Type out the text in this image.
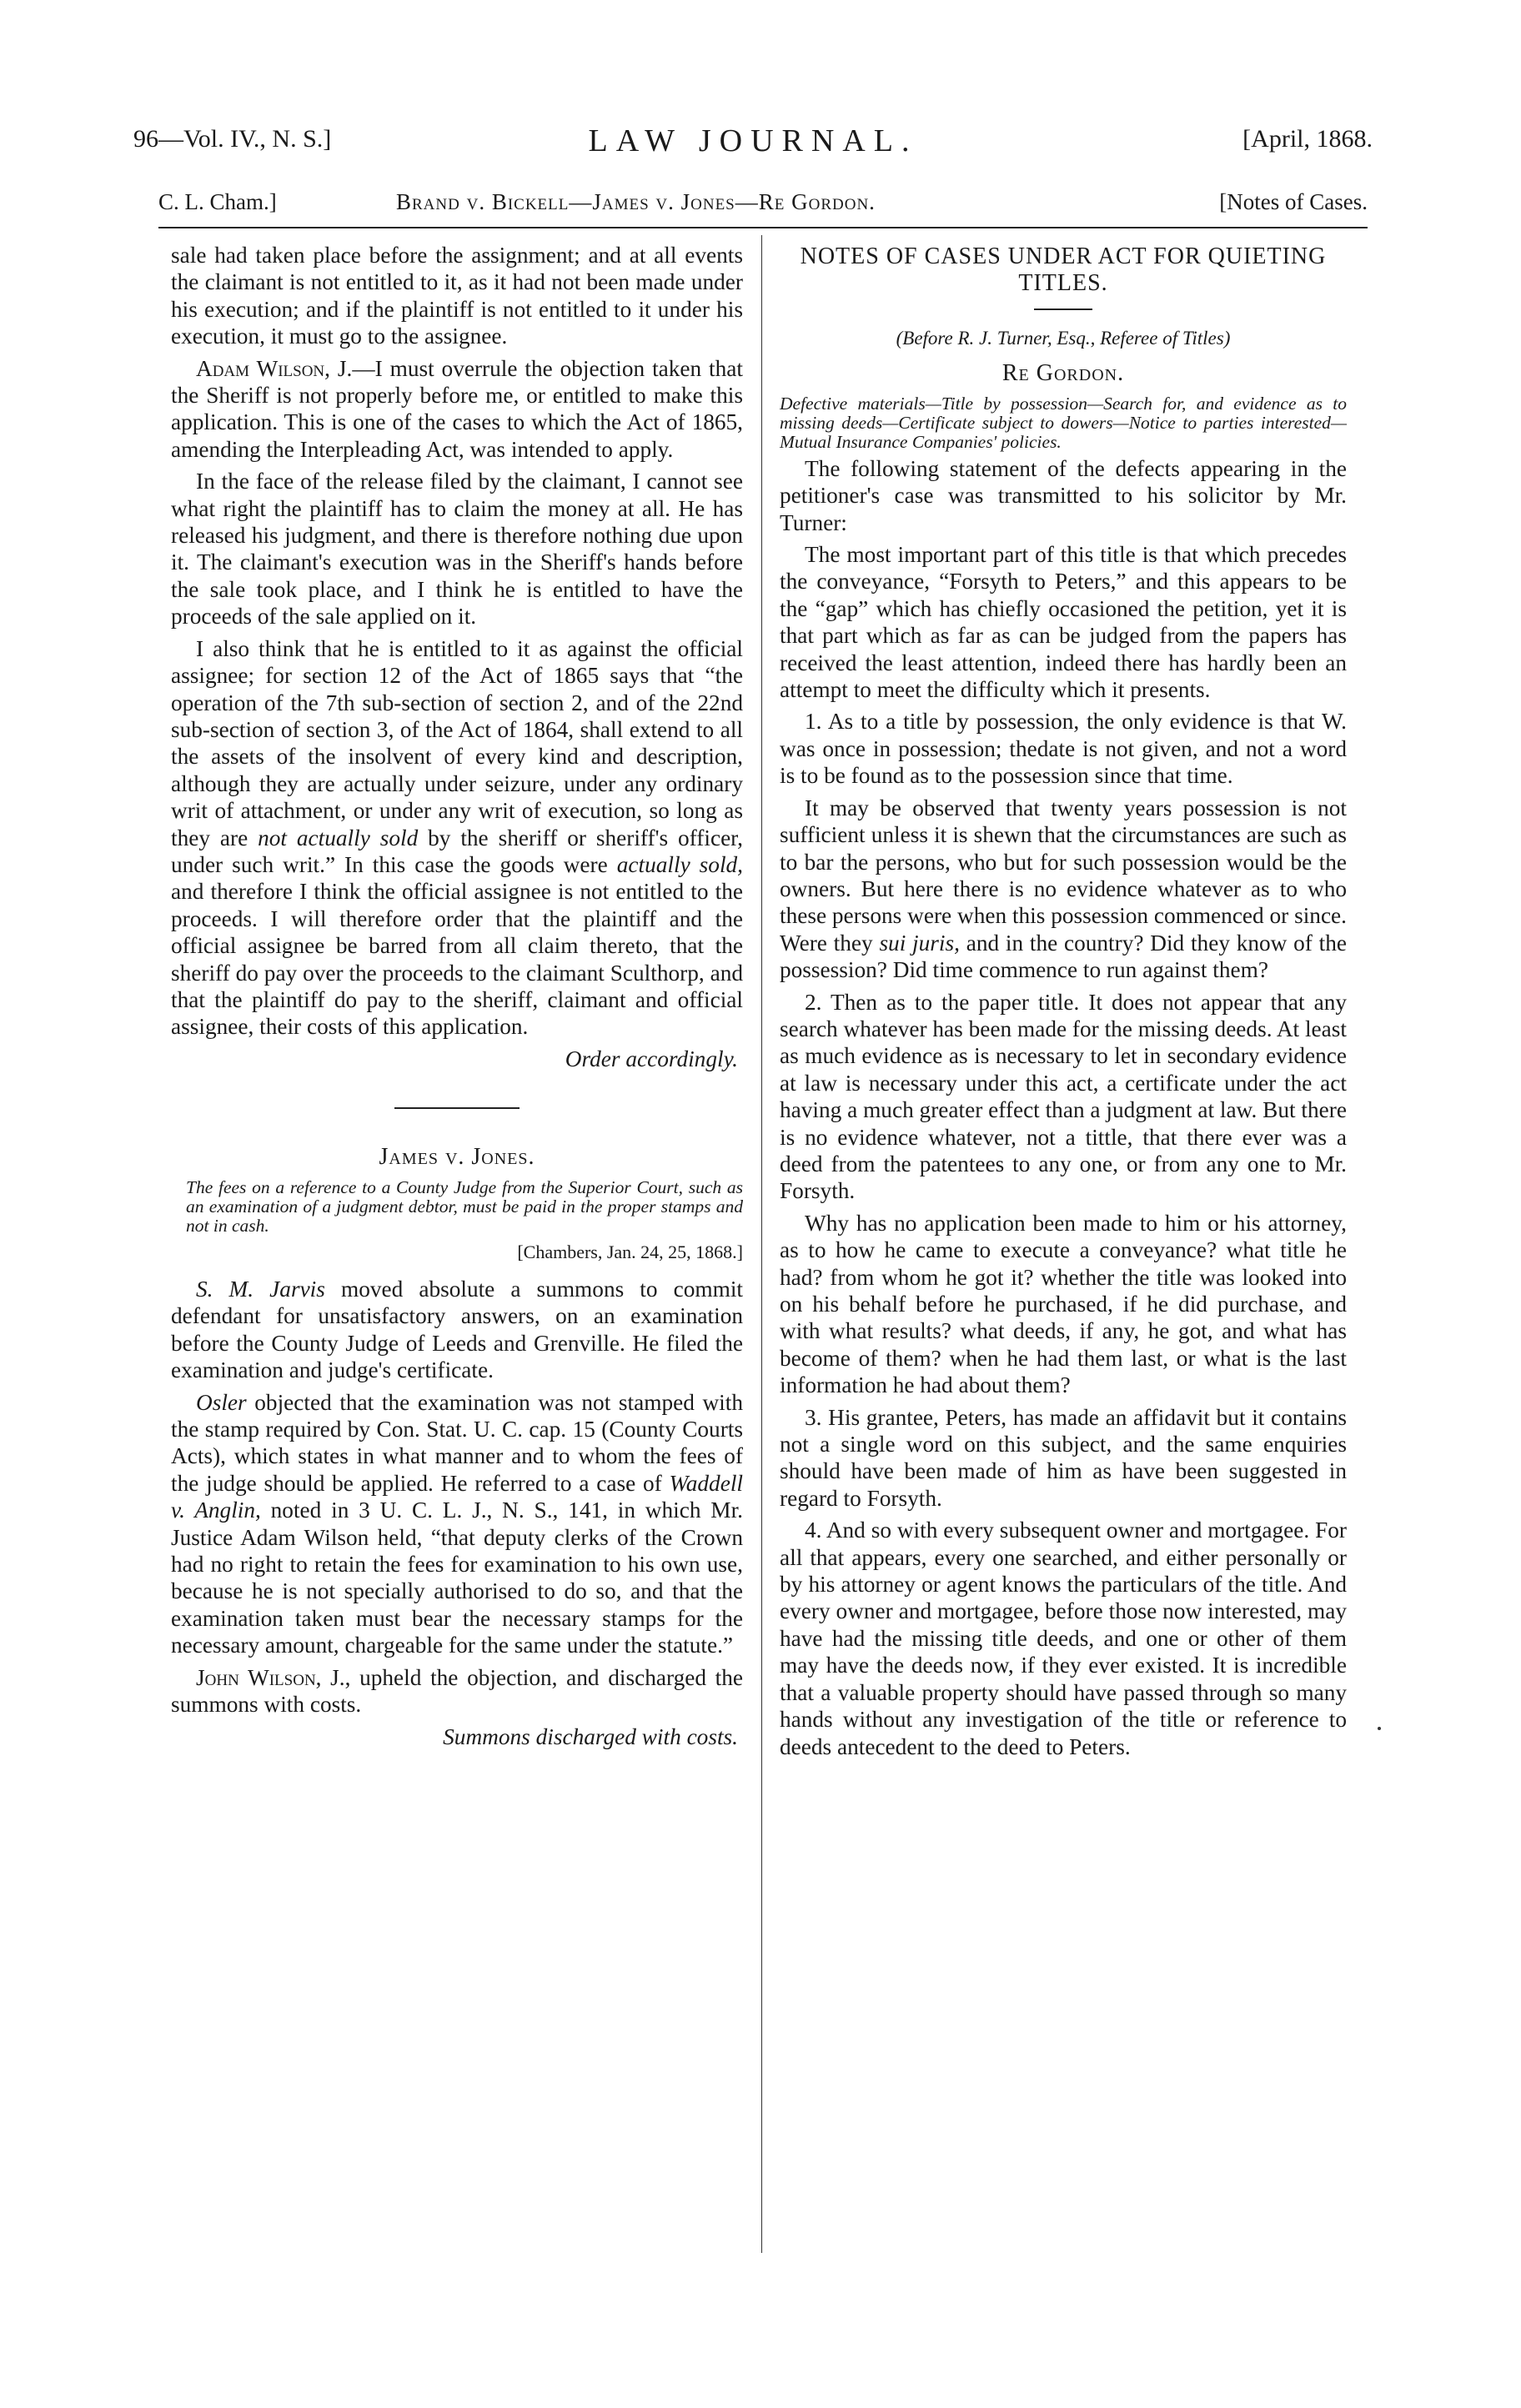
96—Vol. IV., N. S.]	LAW JOURNAL.	[April, 1868.
C. L. Cham.]	Brand v. Bickell—James v. Jones—Re Gordon.	[Notes of Cases.

sale had taken place before the assignment; and at all events the claimant is not entitled to it, as it had not been made under his execution; and if the plaintiff is not entitled to it under his execution, it must go to the assignee.

Adam Wilson, J.—I must overrule the objection taken that the Sheriff is not properly before me, or entitled to make this application. This is one of the cases to which the Act of 1865, amending the Interpleading Act, was intended to apply.

In the face of the release filed by the claimant, I cannot see what right the plaintiff has to claim the money at all. He has released his judgment, and there is therefore nothing due upon it. The claimant's execution was in the Sheriff's hands before the sale took place, and I think he is entitled to have the proceeds of the sale applied on it.

I also think that he is entitled to it as against the official assignee; for section 12 of the Act of 1865 says that “the operation of the 7th sub-section of section 2, and of the 22nd sub-section of section 3, of the Act of 1864, shall extend to all the assets of the insolvent of every kind and description, although they are actually under seizure, under any ordinary writ of attachment, or under any writ of execution, so long as they are not actually sold by the sheriff or sheriff's officer, under such writ.” In this case the goods were actually sold, and therefore I think the official assignee is not entitled to the proceeds. I will therefore order that the plaintiff and the official assignee be barred from all claim thereto, that the sheriff do pay over the proceeds to the claimant Sculthorp, and that the plaintiff do pay to the sheriff, claimant and official assignee, their costs of this application.

Order accordingly.

James v. Jones.

The fees on a reference to a County Judge from the Superior Court, such as an examination of a judgment debtor, must be paid in the proper stamps and not in cash.

[Chambers, Jan. 24, 25, 1868.]

S. M. Jarvis moved absolute a summons to commit defendant for unsatisfactory answers, on an examination before the County Judge of Leeds and Grenville. He filed the examination and judge's certificate.

Osler objected that the examination was not stamped with the stamp required by Con. Stat. U. C. cap. 15 (County Courts Acts), which states in what manner and to whom the fees of the judge should be applied. He referred to a case of Waddell v. Anglin, noted in 3 U. C. L. J., N. S., 141, in which Mr. Justice Adam Wilson held, “that deputy clerks of the Crown had no right to retain the fees for examination to his own use, because he is not specially authorised to do so, and that the examination taken must bear the necessary stamps for the necessary amount, chargeable for the same under the statute.”

John Wilson, J., upheld the objection, and discharged the summons with costs.

Summons discharged with costs.

NOTES OF CASES UNDER ACT FOR QUIETING TITLES.

(Before R. J. Turner, Esq., Referee of Titles)

Re Gordon.

Defective materials—Title by possession—Search for, and evidence as to missing deeds—Certificate subject to dowers—Notice to parties interested—Mutual Insurance Companies' policies.

The following statement of the defects appearing in the petitioner's case was transmitted to his solicitor by Mr. Turner:

The most important part of this title is that which precedes the conveyance, “Forsyth to Peters,” and this appears to be the “gap” which has chiefly occasioned the petition, yet it is that part which as far as can be judged from the papers has received the least attention, indeed there has hardly been an attempt to meet the difficulty which it presents.

1. As to a title by possession, the only evidence is that W. was once in possession; thedate is not given, and not a word is to be found as to the possession since that time.

It may be observed that twenty years possession is not sufficient unless it is shewn that the circumstances are such as to bar the persons, who but for such possession would be the owners. But here there is no evidence whatever as to who these persons were when this possession commenced or since. Were they sui juris, and in the country? Did they know of the possession? Did time commence to run against them?

2. Then as to the paper title. It does not appear that any search whatever has been made for the missing deeds. At least as much evidence as is necessary to let in secondary evidence at law is necessary under this act, a certificate under the act having a much greater effect than a judgment at law. But there is no evidence whatever, not a tittle, that there ever was a deed from the patentees to any one, or from any one to Mr. Forsyth.

Why has no application been made to him or his attorney, as to how he came to execute a conveyance? what title he had? from whom he got it? whether the title was looked into on his behalf before he purchased, if he did purchase, and with what results? what deeds, if any, he got, and what has become of them? when he had them last, or what is the last information he had about them?

3. His grantee, Peters, has made an affidavit but it contains not a single word on this subject, and the same enquiries should have been made of him as have been suggested in regard to Forsyth.

4. And so with every subsequent owner and mortgagee. For all that appears, every one searched, and either personally or by his attorney or agent knows the particulars of the title. And every owner and mortgagee, before those now interested, may have had the missing title deeds, and one or other of them may have the deeds now, if they ever existed. It is incredible that a valuable property should have passed through so many hands without any investigation of the title or reference to deeds antecedent to the deed to Peters.
